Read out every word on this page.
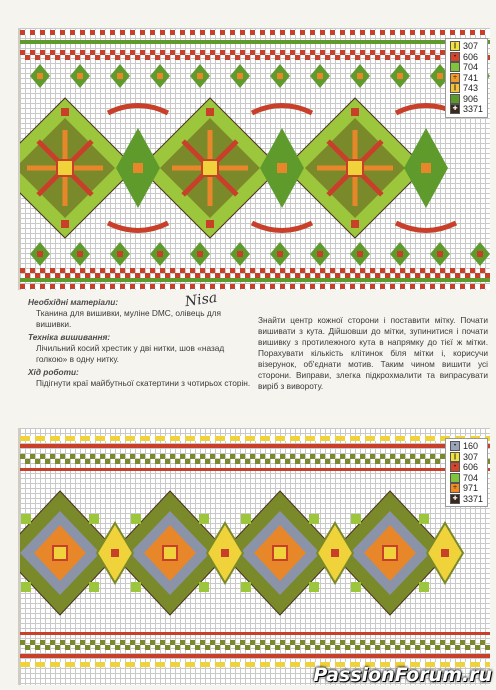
❙ 307
• 606
704
+ 741
❙ 743
906
✚ 3371
Необхідні матеріали:
Тканина для вишивки, муліне DMC, олівець для вишивки.
Техніка вишивання:
Лічильний косий хрестик у дві нитки, шов «назад голкою» в одну нитку.
Хід роботи:
Підігнути краї майбутньої скатертини з чотирьох сторін.
Nisa
Знайти центр кожної сторони і поставити мітку. Почати вишивати з кута. Дійшовши до мітки, зупинитися і почати вишивку з протилежного кута в напрямку до тієї ж мітки. Порахувати кількість клітинок біля мітки і, корисучи візерунок, об'єднати мотив. Таким чином вишити усі сторони. Виправи, злегка підкрохмалити та випрасувати виріб з вивороту.
• 160
❙ 307
• 606
704
+ 971
✚ 3371
PassionForum.ru
